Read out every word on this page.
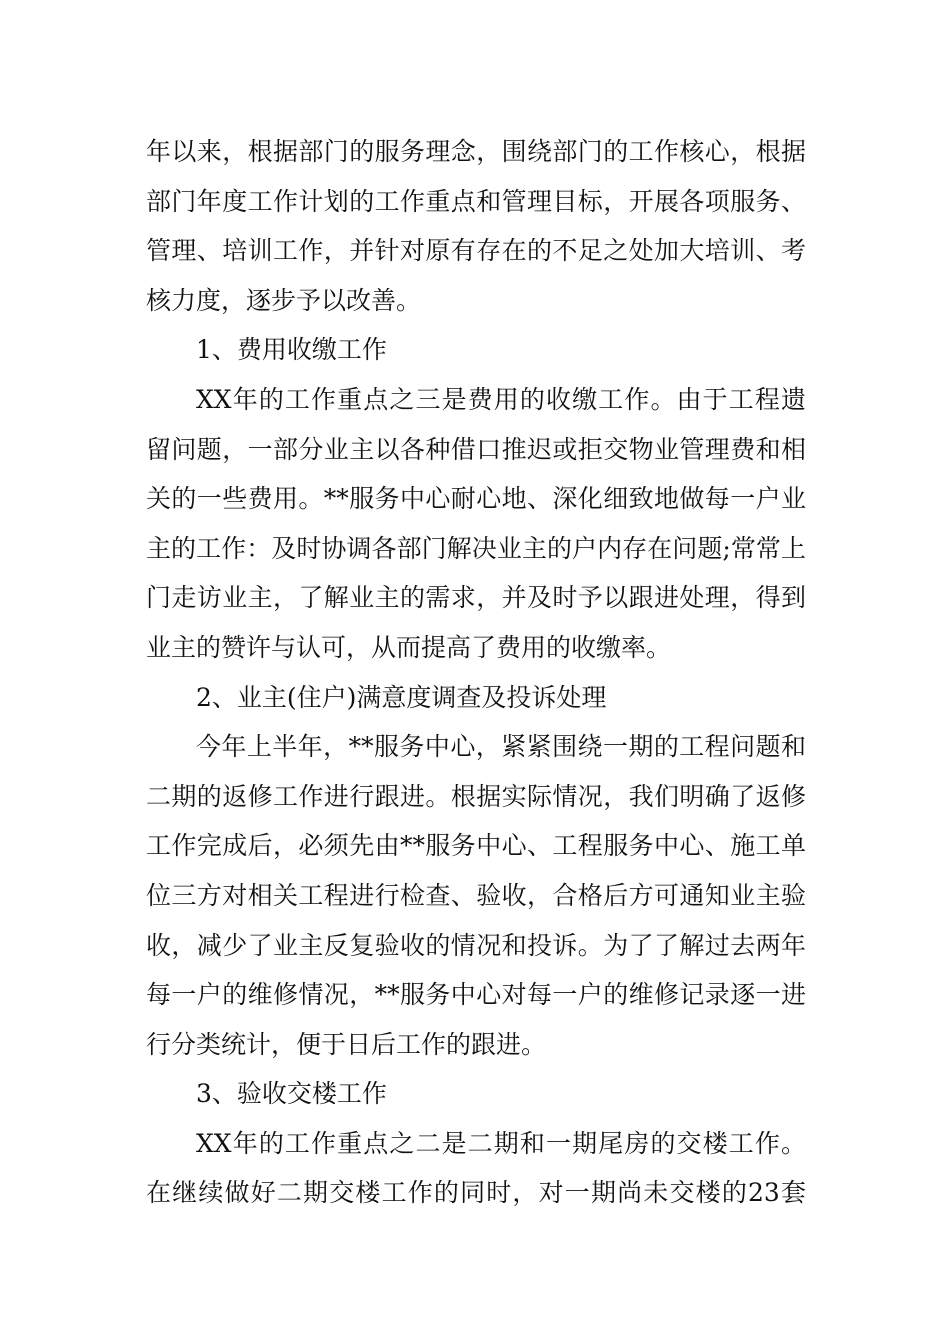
年以来，根据部门的服务理念，围绕部门的工作核心，根据部门年度工作计划的工作重点和管理目标，开展各项服务、管理、培训工作，并针对原有存在的不足之处加大培训、考核力度，逐步予以改善。

1、费用收缴工作

XX年的工作重点之三是费用的收缴工作。由于工程遗留问题，一部分业主以各种借口推迟或拒交物业管理费和相关的一些费用。**服务中心耐心地、深化细致地做每一户业主的工作：及时协调各部门解决业主的户内存在问题;常常上门走访业主，了解业主的需求，并及时予以跟进处理，得到业主的赞许与认可，从而提高了费用的收缴率。

2、业主(住户)满意度调查及投诉处理

今年上半年，**服务中心，紧紧围绕一期的工程问题和二期的返修工作进行跟进。根据实际情况，我们明确了返修工作完成后，必须先由**服务中心、工程服务中心、施工单位三方对相关工程进行检查、验收，合格后方可通知业主验收，减少了业主反复验收的情况和投诉。为了了解过去两年每一户的维修情况，**服务中心对每一户的维修记录逐一进行分类统计，便于日后工作的跟进。

3、验收交楼工作

XX年的工作重点之二是二期和一期尾房的交楼工作。在继续做好二期交楼工作的同时，对一期尚未交楼的23套
